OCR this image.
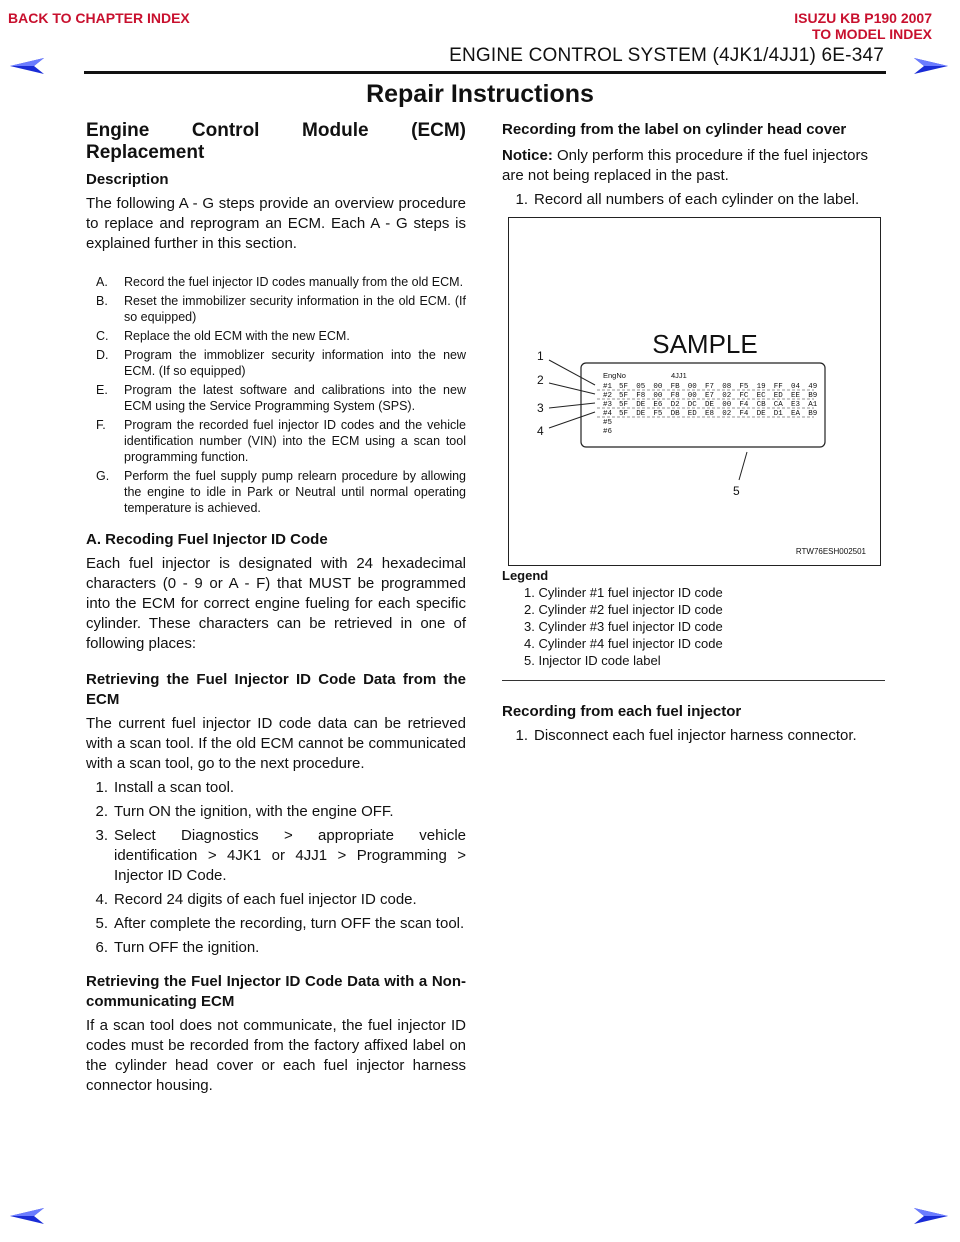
BACK TO CHAPTER INDEX	ISUZU KB P190 2007
TO MODEL INDEX
ENGINE CONTROL SYSTEM (4JK1/4JJ1) 6E-347
Repair Instructions
Engine Control Module (ECM) Replacement
Description

The following A - G steps provide an overview procedure to replace and reprogram an ECM. Each A - G steps is explained further in this section.

A.	Record the fuel injector ID codes manually from the old ECM.
B.	Reset the immobilizer security information in the old ECM. (If so equipped)
C.	Replace the old ECM with the new ECM.
D.	Program the immoblizer security information into the new ECM. (If so equipped)
E.	Program the latest software and calibrations into the new ECM using the Service Programming System (SPS).
F.	Program the recorded fuel injector ID codes and the vehicle identification number (VIN) into the ECM using a scan tool programming function.
G.	Perform the fuel supply pump relearn procedure by allowing the engine to idle in Park or Neutral until normal operating temperature is achieved.
A. Recoding Fuel Injector ID Code

Each fuel injector is designated with 24 hexadecimal characters (0 - 9 or A - F) that MUST be programmed into the ECM for correct engine fueling for each specific cylinder. These characters can be retrieved in one of following places:

Retrieving the Fuel Injector ID Code Data from the ECM

The current fuel injector ID code data can be retrieved with a scan tool. If the old ECM cannot be communicated with a scan tool, go to the next procedure.

1. Install a scan tool.
2. Turn ON the ignition, with the engine OFF.
3. Select Diagnostics > appropriate vehicle identification > 4JK1 or 4JJ1 > Programming > Injector ID Code.
4. Record 24 digits of each fuel injector ID code.
5. After complete the recording, turn OFF the scan tool.
6. Turn OFF the ignition.
Retrieving the Fuel Injector ID Code Data with a Non-communicating ECM

If a scan tool does not communicate, the fuel injector ID codes must be recorded from the factory affixed label on the cylinder head cover or each fuel injector harness connector housing.

Recording from the label on cylinder head cover

Notice: Only perform this procedure if the fuel injectors are not being replaced in the past.

1. Record all numbers of each cylinder on the label.
SAMPLE
EngNo	4JJ1
#1 5F 05 00 FB 00 F7 08 F5 19 FF 04 49
#2 5F F8 00 F8 00 E7 02 FC EC ED EE B9
#3 5F DE E6 D2 DC DE 00 F4 CB CA E3 A1
#4 5F DE F5 DB ED E8 02 F4 DE D1 EA B9
#5
#6
1
2
3
4
5
RTW76ESH002501
Legend
1. Cylinder #1 fuel injector ID code
2. Cylinder #2 fuel injector ID code
3. Cylinder #3 fuel injector ID code
4. Cylinder #4 fuel injector ID code
5. Injector ID code label
Recording from each fuel injector
1. Disconnect each fuel injector harness connector.
